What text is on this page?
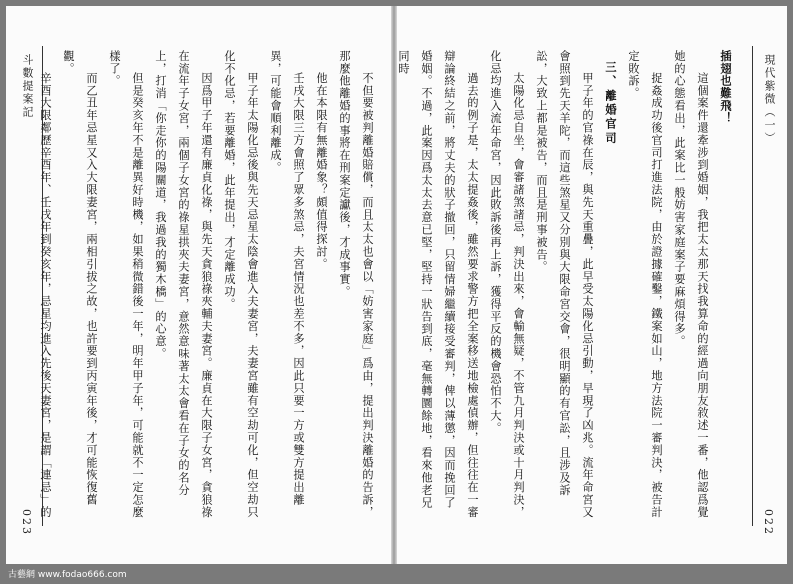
斗數提案記	不但要被判離婚賠償，而且太太也會以「妨害家庭」爲由，提出判決離婚的告訴，那麼他離婚的事將在刑案定讞後，才成事實。

他在本限有無離婚象？頗值得探討。

壬戌大限三方會照了眾多煞忌，夫宮情況也差不多，因此只要一方或雙方提出離異，可能會順利離成。

甲子年太陽化忌後與先天忌星太陰會進入夫妻宮，夫妻宮雖有空劫可化，但空劫只化不化忌，若要離婚，此年提出，才定離成功。

因爲甲子年還有廉貞化祿，與先天貪狼祿夾輔夫妻宮。廉貞在大限子女宮，貪狼祿在流年子女宮，兩個子女宮的祿星拱夾夫妻宮，意然意味著太太會看在子女的名分上，打消「你走你的陽關道，我過我的獨木橋」的心意。

但是癸亥年不是離異好時機，如果稍微錯後一年，明年甲子年，可能就不一定怎麼樣了。

而乙丑年忌星又入大限妻宮，兩相引拔之故，也許要到丙寅年後，才可能恢復舊觀。

辛酉大限鄰歷辛酉年、壬戌年到癸亥年，忌星均進入先後天妻宮，是謂「連忌」的

023
現代紫微（一）

插翅也難飛！

這個案件還牽涉到婚姻，我把太太那天找我算命的經過向朋友敘述一番，他認爲覺她的心態看出，此案比一般妨害家庭案子要麻煩得多。

捉姦成功後官司打進法院，由於證據確鑿，鐵案如山，地方法院一審判決，被告計定敗訴。

三、離婚官司

甲子年的官祿在辰，與先天重疊，此早受太陽化忌引動，早現了凶兆。流年命宮又會照到先天羊陀，而這些煞星又分別與大限命宮交會，很明顯的有官訟，且涉及訴訟，大致上都是被告，而且是刑事被告。

太陽化忌自坐，會審諸煞諸忌，判決出來，會輸無疑，不管九月判決或十月判決，化忌均進入流年命宮，因此敗訴後再上訴，獲得平反的機會恐怕不大。

過去的例子是，太太提姦後，雖然要求警方把全案移送地檢處偵辦，但往往在一審辯論終結之前，將丈夫的狀子撤回，只留情婦繼續接受審判，俾以薄懲，因而挽回了婚姻。不過，此案因爲太太去意已堅，堅持一狀告到底，毫無轉圜餘地，看來他老兄同時

022
古藝網 www.fodao666.com
